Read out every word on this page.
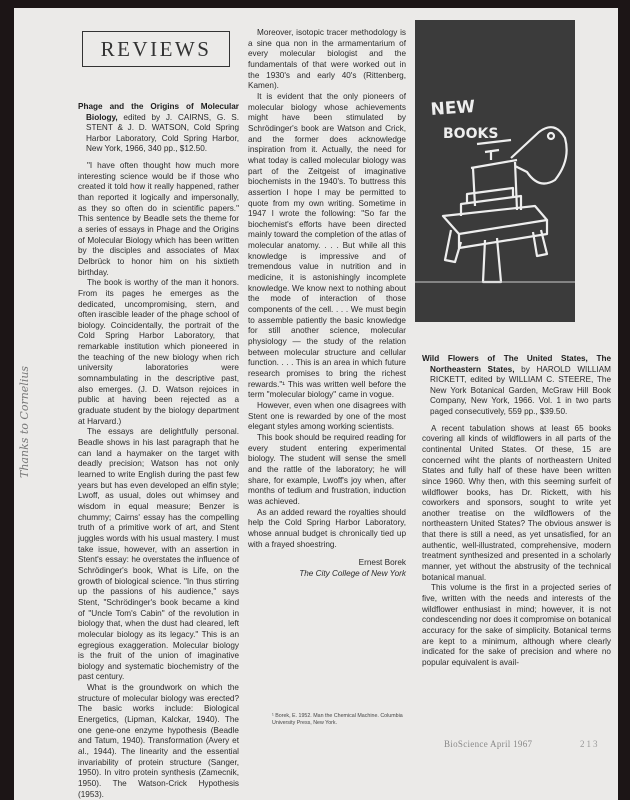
REVIEWS

Phage and the Origins of Molecular Biology, edited by J. CAIRNS, G. S. STENT & J. D. WATSON, Cold Spring Harbor Laboratory, Cold Spring Harbor, New York, 1966, 340 pp., $12.50.

"I have often thought how much more interesting science would be if those who created it told how it really happened, rather than reported it logically and impersonally, as they so often do in scientific papers." This sentence by Beadle sets the theme for a series of essays in Phage and the Origins of Molecular Biology which has been written by the disciples and associates of Max Delbrück to honor him on his sixtieth birthday.

The book is worthy of the man it honors. From its pages he emerges as the dedicated, uncompromising, stern, and often irascible leader of the phage school of biology. Coincidentally, the portrait of the Cold Spring Harbor Laboratory, that remarkable institution which pioneered in the teaching of the new biology when rich university laboratories were somnambulating in the descriptive past, also emerges. (J. D. Watson rejoices in public at having been rejected as a graduate student by the biology department at Harvard.)

The essays are delightfully personal. Beadle shows in his last paragraph that he can land a haymaker on the target with deadly precision; Watson has not only learned to write English during the past few years but has even developed an elfin style; Lwoff, as usual, doles out whimsey and wisdom in equal measure; Benzer is chummy; Cairns' essay has the compelling truth of a primitive work of art, and Stent juggles words with his usual mastery. I must take issue, however, with an assertion in Stent's essay: he overstates the influence of Schrödinger's book, What is Life, on the growth of biological science. "In thus stirring up the passions of his audience," says Stent, "Schrödinger's book became a kind of "Uncle Tom's Cabin" of the revolution in biology that, when the dust had cleared, left molecular biology as its legacy." This is an egregious exaggeration. Molecular biology is the fruit of the union of imaginative biology and systematic biochemistry of the past century.

What is the groundwork on which the structure of molecular biology was erected? The basic works include: Biological Energetics, (Lipman, Kalckar, 1940). The one gene-one enzyme hypothesis (Beadle and Tatum, 1940). Transformation (Avery et al., 1944). The linearity and the essential invariability of protein structure (Sanger, 1950). In vitro protein synthesis (Zamecnik, 1950). The Watson-Crick Hypothesis (1953).

Moreover, isotopic tracer methodology is a sine qua non in the armamentarium of every molecular biologist and the fundamentals of that were worked out in the 1930's and early 40's (Rittenberg, Kamen).

It is evident that the only pioneers of molecular biology whose achievements might have been stimulated by Schrödinger's book are Watson and Crick, and the former does acknowledge inspiration from it. Actually, the need for what today is called molecular biology was part of the Zeitgeist of imaginative biochemists in the 1940's. To buttress this assertion I hope I may be permitted to quote from my own writing. Sometime in 1947 I wrote the following: "So far the biochemist's efforts have been directed mainly toward the completion of the atlas of molecular anatomy. . . . But while all this knowledge is impressive and of tremendous value in nutrition and in medicine, it is astonishingly incomplete knowledge. We know next to nothing about the mode of interaction of those components of the cell. . . . We must begin to assemble patiently the basic knowledge for still another science, molecular physiology — the study of the relation between molecular structure and cellular function. . . . This is an area in which future research promises to bring the richest rewards."¹ This was written well before the term "molecular biology" came in vogue.

However, even when one disagrees with Stent one is rewarded by one of the most elegant styles among working scientists.

This book should be required reading for every student entering experimental biology. The student will sense the smell and the rattle of the laboratory; he will share, for example, Lwoff's joy when, after months of tedium and frustration, induction was achieved.

As an added reward the royalties should help the Cold Spring Harbor Laboratory, whose annual budget is chronically tied up with a frayed shoestring.

Ernest Borek
The City College of New York
¹ Borek, E. 1952. Man the Chemical Machine. Columbia University Press, New York.
NEW
BOOKS

Wild Flowers of The United States, The Northeastern States, by HAROLD WILLIAM RICKETT, edited by WILLIAM C. STEERE, The New York Botanical Garden, McGraw Hill Book Company, New York, 1966. Vol. 1 in two parts paged consecutively, 559 pp., $39.50.

A recent tabulation shows at least 65 books covering all kinds of wildflowers in all parts of the continental United States. Of these, 15 are concerned wiht the plants of northeastern United States and fully half of these have been written since 1960. Why then, with this seeming surfeit of wildflower books, has Dr. Rickett, with his coworkers and sponsors, sought to write yet another treatise on the wildflowers of the northeastern United States? The obvious answer is that there is still a need, as yet unsatisfied, for an authentic, well-illustrated, comprehensive, modern treatment synthesized and presented in a scholarly manner, yet without the abstrusity of the technical botanical manual.

This volume is the first in a projected series of five, written with the needs and interests of the wildflower enthusiast in mind; however, it is not condescending nor does it compromise on botanical accuracy for the sake of simplicity. Botanical terms are kept to a minimum, although where clearly indicated for the sake of precision and where no popular equivalent is avail-

Thanks to Cornelius
BioScience April 1967	213
